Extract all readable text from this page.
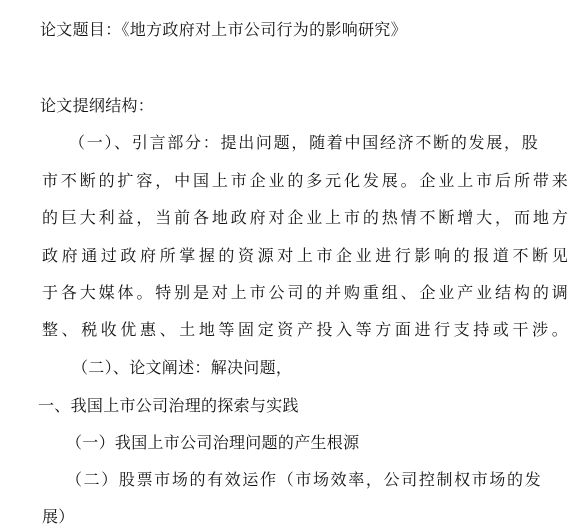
论文题目：《地方政府对上市公司行为的影响研究》
论文提纲结构：
（一）、引言部分：提出问题，随着中国经济不断的发展，股
市不断的扩容，中国上市企业的多元化发展。企业上市后所带来
的巨大利益，当前各地政府对企业上市的热情不断增大，而地方
政府通过政府所掌握的资源对上市企业进行影响的报道不断见
于各大媒体。特别是对上市公司的并购重组、企业产业结构的调
整、税收优惠、土地等固定资产投入等方面进行支持或干涉。
（二）、论文阐述：解决问题，
一、我国上市公司治理的探索与实践
（一）我国上市公司治理问题的产生根源
（二）股票市场的有效运作（市场效率，公司控制权市场的发
展）
